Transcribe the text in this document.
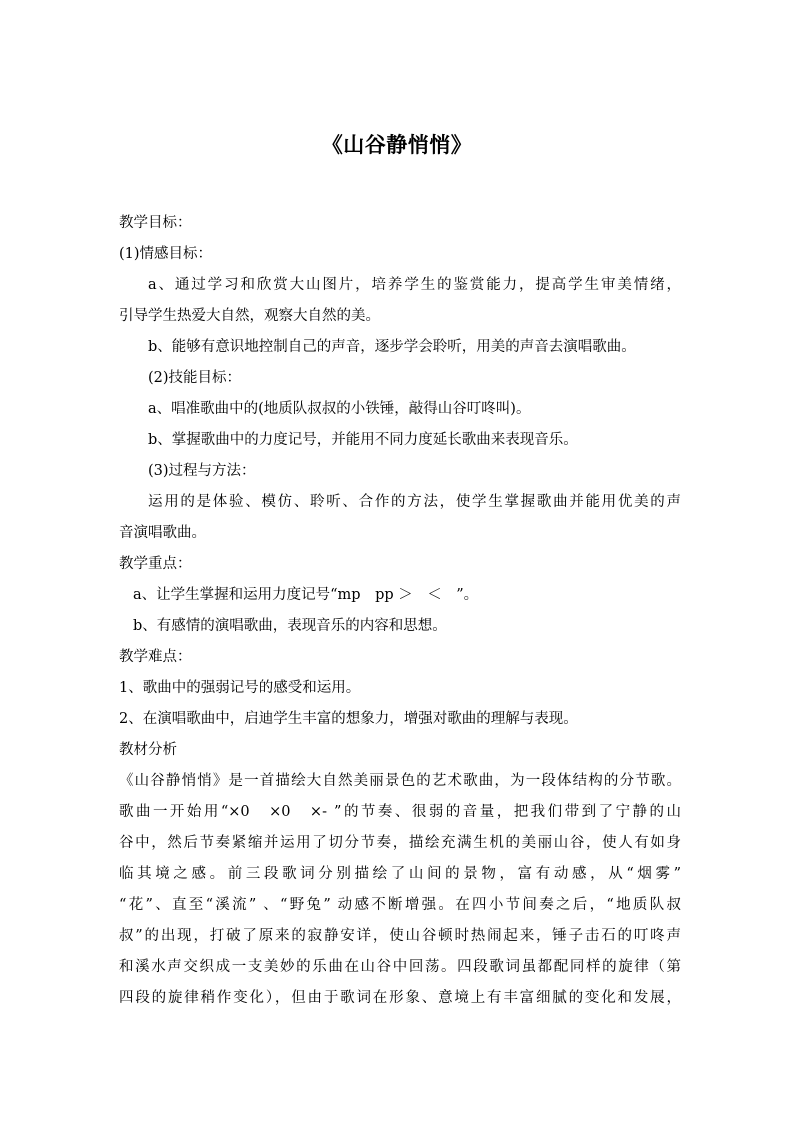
《山谷静悄悄》
教学目标：
(1)情感目标：
a、通过学习和欣赏大山图片，培养学生的鉴赏能力，提高学生审美情绪，
引导学生热爱大自然，观察大自然的美。
b、能够有意识地控制自己的声音，逐步学会聆听，用美的声音去演唱歌曲。
(2)技能目标：
a、唱准歌曲中的(地质队叔叔的小铁锤，敲得山谷叮咚叫)。
b、掌握歌曲中的力度记号，并能用不同力度延长歌曲来表现音乐。
(3)过程与方法：
运用的是体验、模仿、聆听、合作的方法，使学生掌握歌曲并能用优美的声
音演唱歌曲。
教学重点：
a、让学生掌握和运用力度记号“mp　pp ＞　＜　”。
b、有感情的演唱歌曲，表现音乐的内容和思想。
教学难点：
1、歌曲中的强弱记号的感受和运用。
2、在演唱歌曲中，启迪学生丰富的想象力，增强对歌曲的理解与表现。
教材分析
《山谷静悄悄》是一首描绘大自然美丽景色的艺术歌曲，为一段体结构的分节歌。
歌曲一开始用“×0　×0　×- ”的节奏、很弱的音量，把我们带到了宁静的山
谷中，然后节奏紧缩并运用了切分节奏，描绘充满生机的美丽山谷，使人有如身
临其境之感。前三段歌词分别描绘了山间的景物，富有动感，从“烟雾”
“花”、直至“溪流” 、“野兔” 动感不断增强。在四小节间奏之后，“地质队叔
叔”的出现，打破了原来的寂静安详，使山谷顿时热闹起来，锤子击石的叮咚声
和溪水声交织成一支美妙的乐曲在山谷中回荡。四段歌词虽都配同样的旋律（第
四段的旋律稍作变化），但由于歌词在形象、意境上有丰富细腻的变化和发展，
